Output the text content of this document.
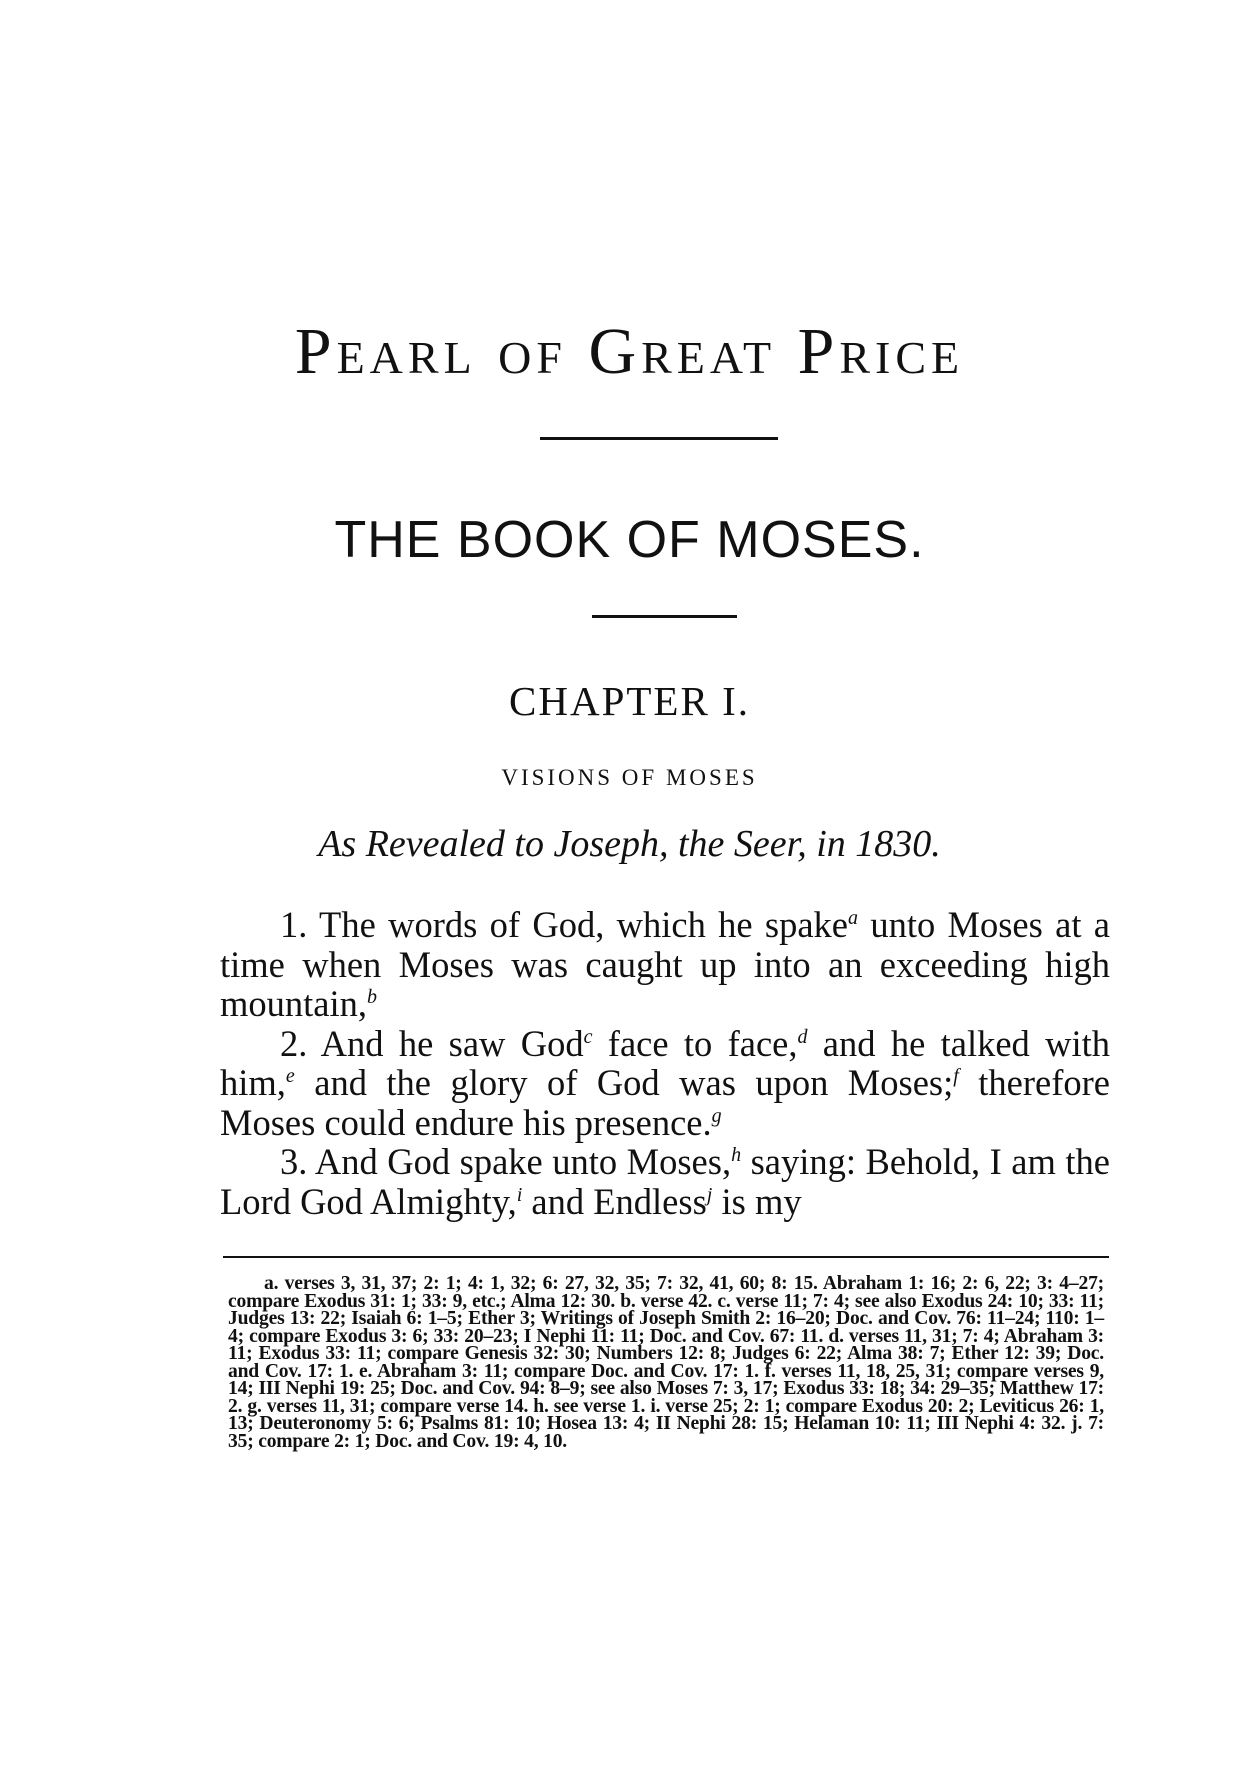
Pearl of Great Price
THE BOOK OF MOSES.
CHAPTER I.
VISIONS OF MOSES
As Revealed to Joseph, the Seer, in 1830.

1. The words of God, which he spake$^a$ unto Moses at a time when Moses was caught up into an exceeding high mountain,$^b$

2. And he saw God$^c$ face to face,$^d$ and he talked with him,$^e$ and the glory of God was upon Moses;$^f$ therefore Moses could endure his presence.$^g$

3. And God spake unto Moses,$^h$ saying: Behold, I am the Lord God Almighty,$^i$ and Endless$^j$ is my

a. verses 3, 31, 37; 2: 1; 4: 1, 32; 6: 27, 32, 35; 7: 32, 41, 60; 8: 15. Abraham 1: 16; 2: 6, 22; 3: 4–27; compare Exodus 31: 1; 33: 9, etc.; Alma 12: 30. b. verse 42. c. verse 11; 7: 4; see also Exodus 24: 10; 33: 11; Judges 13: 22; Isaiah 6: 1–5; Ether 3; Writings of Joseph Smith 2: 16–20; Doc. and Cov. 76: 11–24; 110: 1–4; compare Exodus 3: 6; 33: 20–23; I Nephi 11: 11; Doc. and Cov. 67: 11. d. verses 11, 31; 7: 4; Abraham 3: 11; Exodus 33: 11; compare Genesis 32: 30; Numbers 12: 8; Judges 6: 22; Alma 38: 7; Ether 12: 39; Doc. and Cov. 17: 1. e. Abraham 3: 11; compare Doc. and Cov. 17: 1. f. verses 11, 18, 25, 31; compare verses 9, 14; III Nephi 19: 25; Doc. and Cov. 94: 8–9; see also Moses 7: 3, 17; Exodus 33: 18; 34: 29–35; Matthew 17: 2. g. verses 11, 31; compare verse 14. h. see verse 1. i. verse 25; 2: 1; compare Exodus 20: 2; Leviticus 26: 1, 13; Deuteronomy 5: 6; Psalms 81: 10; Hosea 13: 4; II Nephi 28: 15; Helaman 10: 11; III Nephi 4: 32. j. 7: 35; compare 2: 1; Doc. and Cov. 19: 4, 10.
